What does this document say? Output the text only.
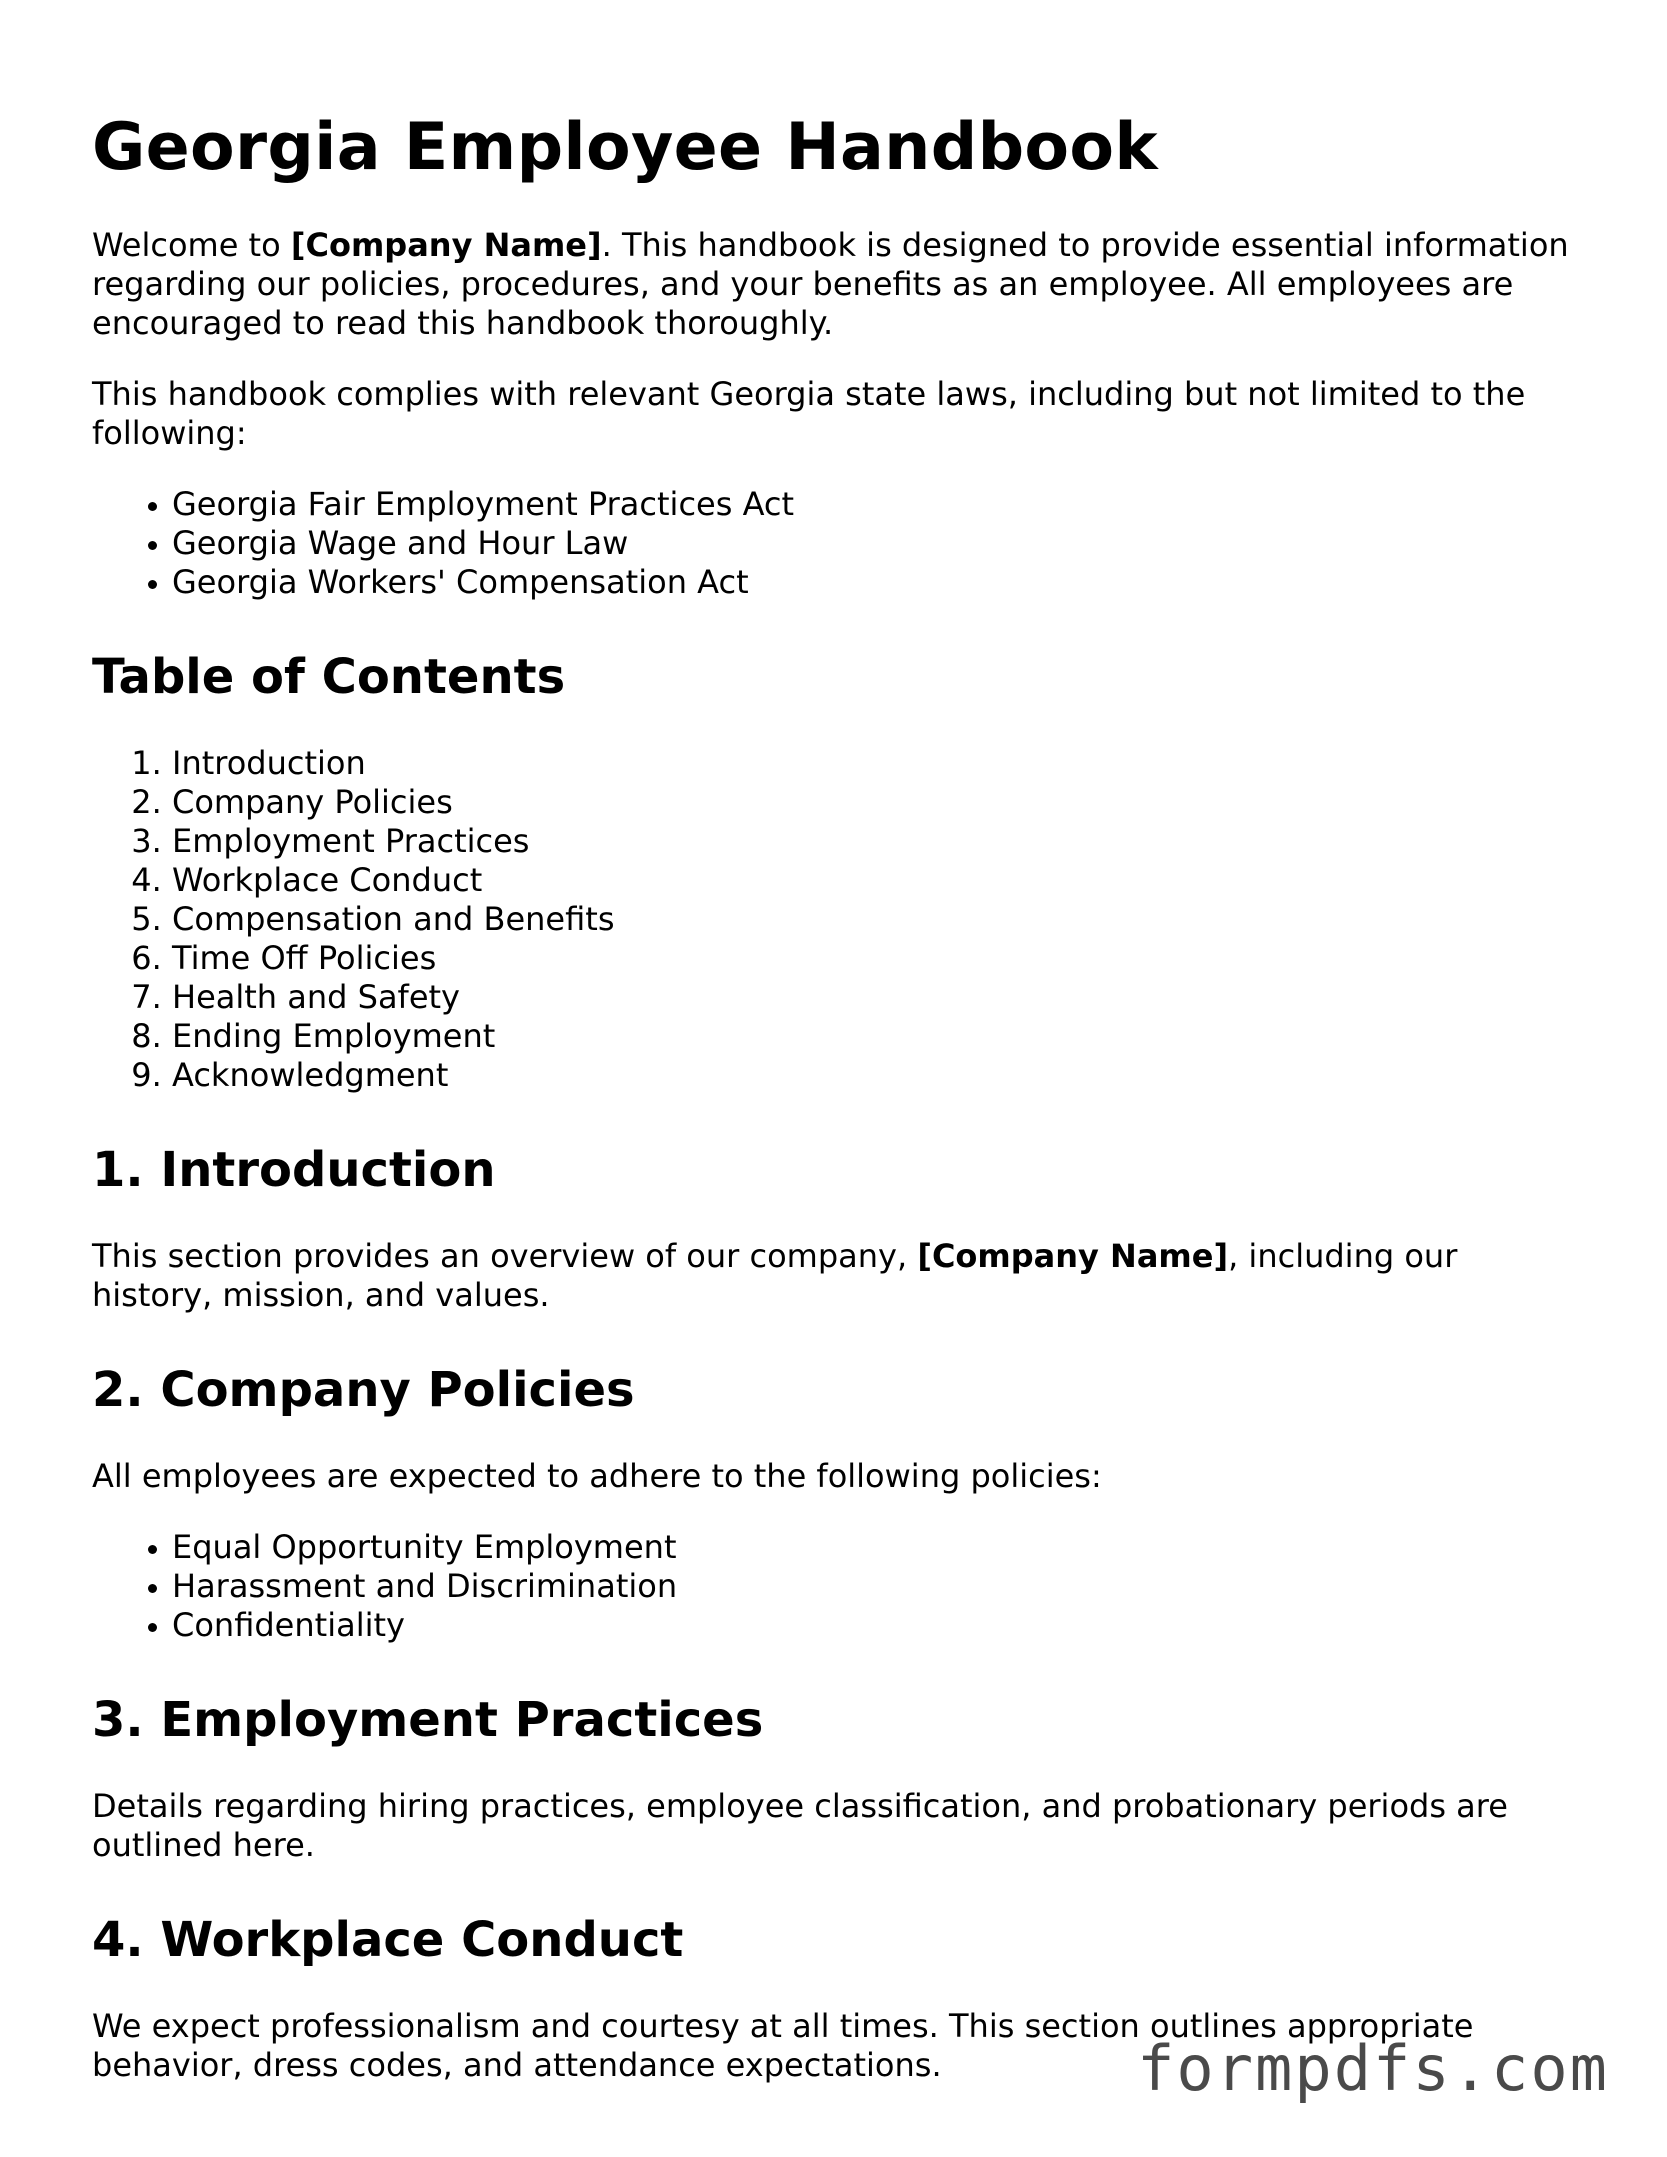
Georgia Employee Handbook

Welcome to [Company Name]. This handbook is designed to provide essential information regarding our policies, procedures, and your benefits as an employee. All employees are encouraged to read this handbook thoroughly.

This handbook complies with relevant Georgia state laws, including but not limited to the following:

• Georgia Fair Employment Practices Act
• Georgia Wage and Hour Law
• Georgia Workers' Compensation Act
Table of Contents
1. Introduction
2. Company Policies
3. Employment Practices
4. Workplace Conduct
5. Compensation and Benefits
6. Time Off Policies
7. Health and Safety
8. Ending Employment
9. Acknowledgment
1. Introduction

This section provides an overview of our company, [Company Name], including our history, mission, and values.

2. Company Policies

All employees are expected to adhere to the following policies:

• Equal Opportunity Employment
• Harassment and Discrimination
• Confidentiality
3. Employment Practices

Details regarding hiring practices, employee classification, and probationary periods are outlined here.

4. Workplace Conduct

We expect professionalism and courtesy at all times. This section outlines appropriate behavior, dress codes, and attendance expectations.	formpdfs.com
